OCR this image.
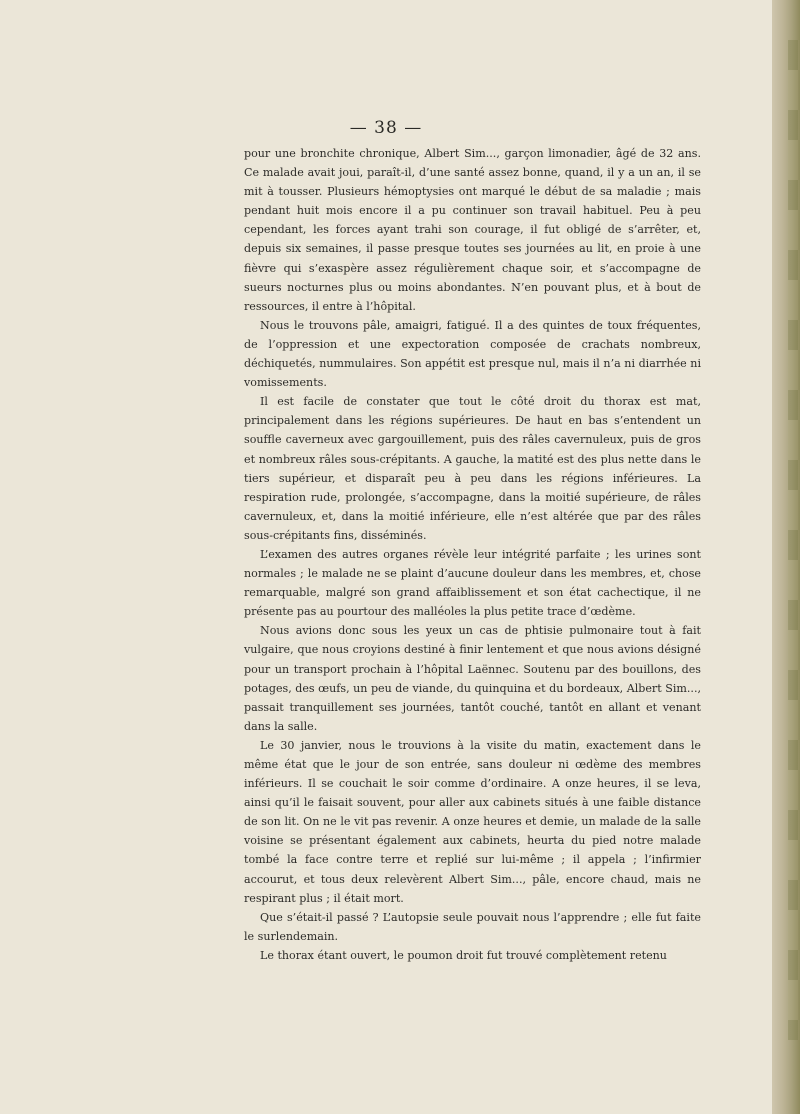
— 38 —

pour une bronchite chronique, Albert Sim..., garçon limonadier, âgé de 32 ans. Ce malade avait joui, paraît-il, d’une santé assez bonne, quand, il y a un an, il se mit à tousser. Plusieurs hémoptysies ont marqué le début de sa maladie ; mais pendant huit mois encore il a pu continuer son travail habituel. Peu à peu cependant, les forces ayant trahi son courage, il fut obligé de s’arrêter, et, depuis six semaines, il passe presque toutes ses journées au lit, en proie à une fièvre qui s’exaspère assez régulièrement chaque soir, et s’accompagne de sueurs nocturnes plus ou moins abondantes. N’en pouvant plus, et à bout de ressources, il entre à l’hôpital.

Nous le trouvons pâle, amaigri, fatigué. Il a des quintes de toux fréquentes, de l’oppression et une expectoration composée de crachats nombreux, déchiquetés, nummulaires. Son appétit est presque nul, mais il n’a ni diarrhée ni vomissements.

Il est facile de constater que tout le côté droit du thorax est mat, principalement dans les régions supérieures. De haut en bas s’entendent un souffle caverneux avec gargouillement, puis des râles cavernuleux, puis de gros et nombreux râles sous-crépitants. A gauche, la matité est des plus nette dans le tiers supérieur, et disparaît peu à peu dans les régions inférieures. La respiration rude, prolongée, s’accompagne, dans la moitié supérieure, de râles cavernuleux, et, dans la moitié inférieure, elle n’est altérée que par des râles sous-crépitants fins, disséminés.

L’examen des autres organes révèle leur intégrité parfaite ; les urines sont normales ; le malade ne se plaint d’aucune douleur dans les membres, et, chose remarquable, malgré son grand affaiblissement et son état cachectique, il ne présente pas au pourtour des malléoles la plus petite trace d’œdème.

Nous avions donc sous les yeux un cas de phtisie pulmonaire tout à fait vulgaire, que nous croyions destiné à finir lentement et que nous avions désigné pour un transport prochain à l’hôpital Laënnec. Soutenu par des bouillons, des potages, des œufs, un peu de viande, du quinquina et du bordeaux, Albert Sim..., passait tranquillement ses journées, tantôt couché, tantôt en allant et venant dans la salle.

Le 30 janvier, nous le trouvions à la visite du matin, exactement dans le même état que le jour de son entrée, sans douleur ni œdème des membres inférieurs. Il se couchait le soir comme d’ordinaire. A onze heures, il se leva, ainsi qu’il le faisait souvent, pour aller aux cabinets situés à une faible distance de son lit. On ne le vit pas revenir. A onze heures et demie, un malade de la salle voisine se présentant également aux cabinets, heurta du pied notre malade tombé la face contre terre et replié sur lui-même ; il appela ; l’infirmier accourut, et tous deux relevèrent Albert Sim..., pâle, encore chaud, mais ne respirant plus ; il était mort.

Que s’était-il passé ? L’autopsie seule pouvait nous l’apprendre ; elle fut faite le surlendemain.

Le thorax étant ouvert, le poumon droit fut trouvé complètement retenu
